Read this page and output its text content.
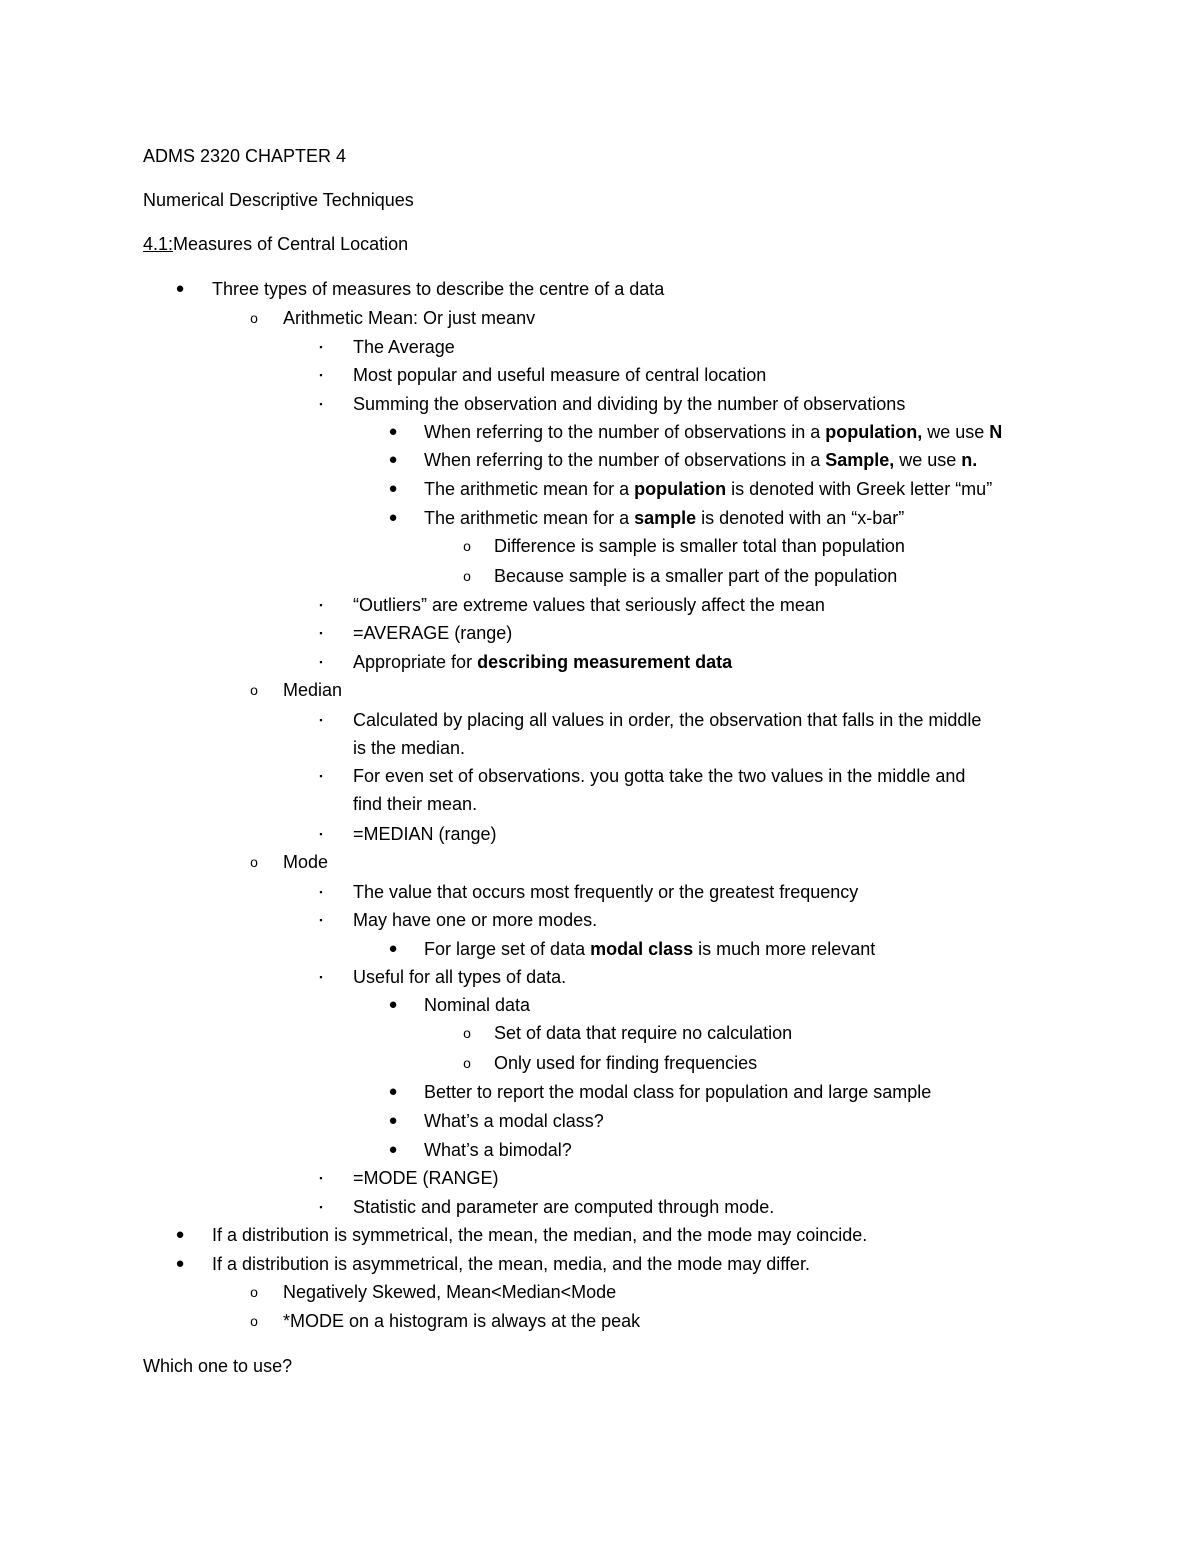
ADMS 2320 CHAPTER 4
Numerical Descriptive Techniques
4.1:Measures of Central Location
●	Three types of measures to describe the centre of a data
o	Arithmetic Mean: Or just meanv
▪	The Average
▪	Most popular and useful measure of central location
▪	Summing the observation and dividing by the number of observations
●	When referring to the number of observations in a population, we use N
●	When referring to the number of observations in a Sample, we use n.
●	The arithmetic mean for a population is denoted with Greek letter “mu”
●	The arithmetic mean for a sample is denoted with an “x-bar”
o	Difference is sample is smaller total than population
o	Because sample is a smaller part of the population
▪	“Outliers” are extreme values that seriously affect the mean
▪	=AVERAGE (range)
▪	Appropriate for describing measurement data
o	Median
▪	Calculated by placing all values in order, the observation that falls in the middle
is the median.
▪	For even set of observations. you gotta take the two values in the middle and
find their mean.
▪	=MEDIAN (range)
o	Mode
▪	The value that occurs most frequently or the greatest frequency
▪	May have one or more modes.
●	For large set of data modal class is much more relevant
▪	Useful for all types of data.
●	Nominal data
o	Set of data that require no calculation
o	Only used for finding frequencies
●	Better to report the modal class for population and large sample
●	What’s a modal class?
●	What’s a bimodal?
▪	=MODE (RANGE)
▪	Statistic and parameter are computed through mode.
●	If a distribution is symmetrical, the mean, the median, and the mode may coincide.
●	If a distribution is asymmetrical, the mean, media, and the mode may differ.
o	Negatively Skewed, Mean<Median<Mode
o	*MODE on a histogram is always at the peak
Which one to use?
